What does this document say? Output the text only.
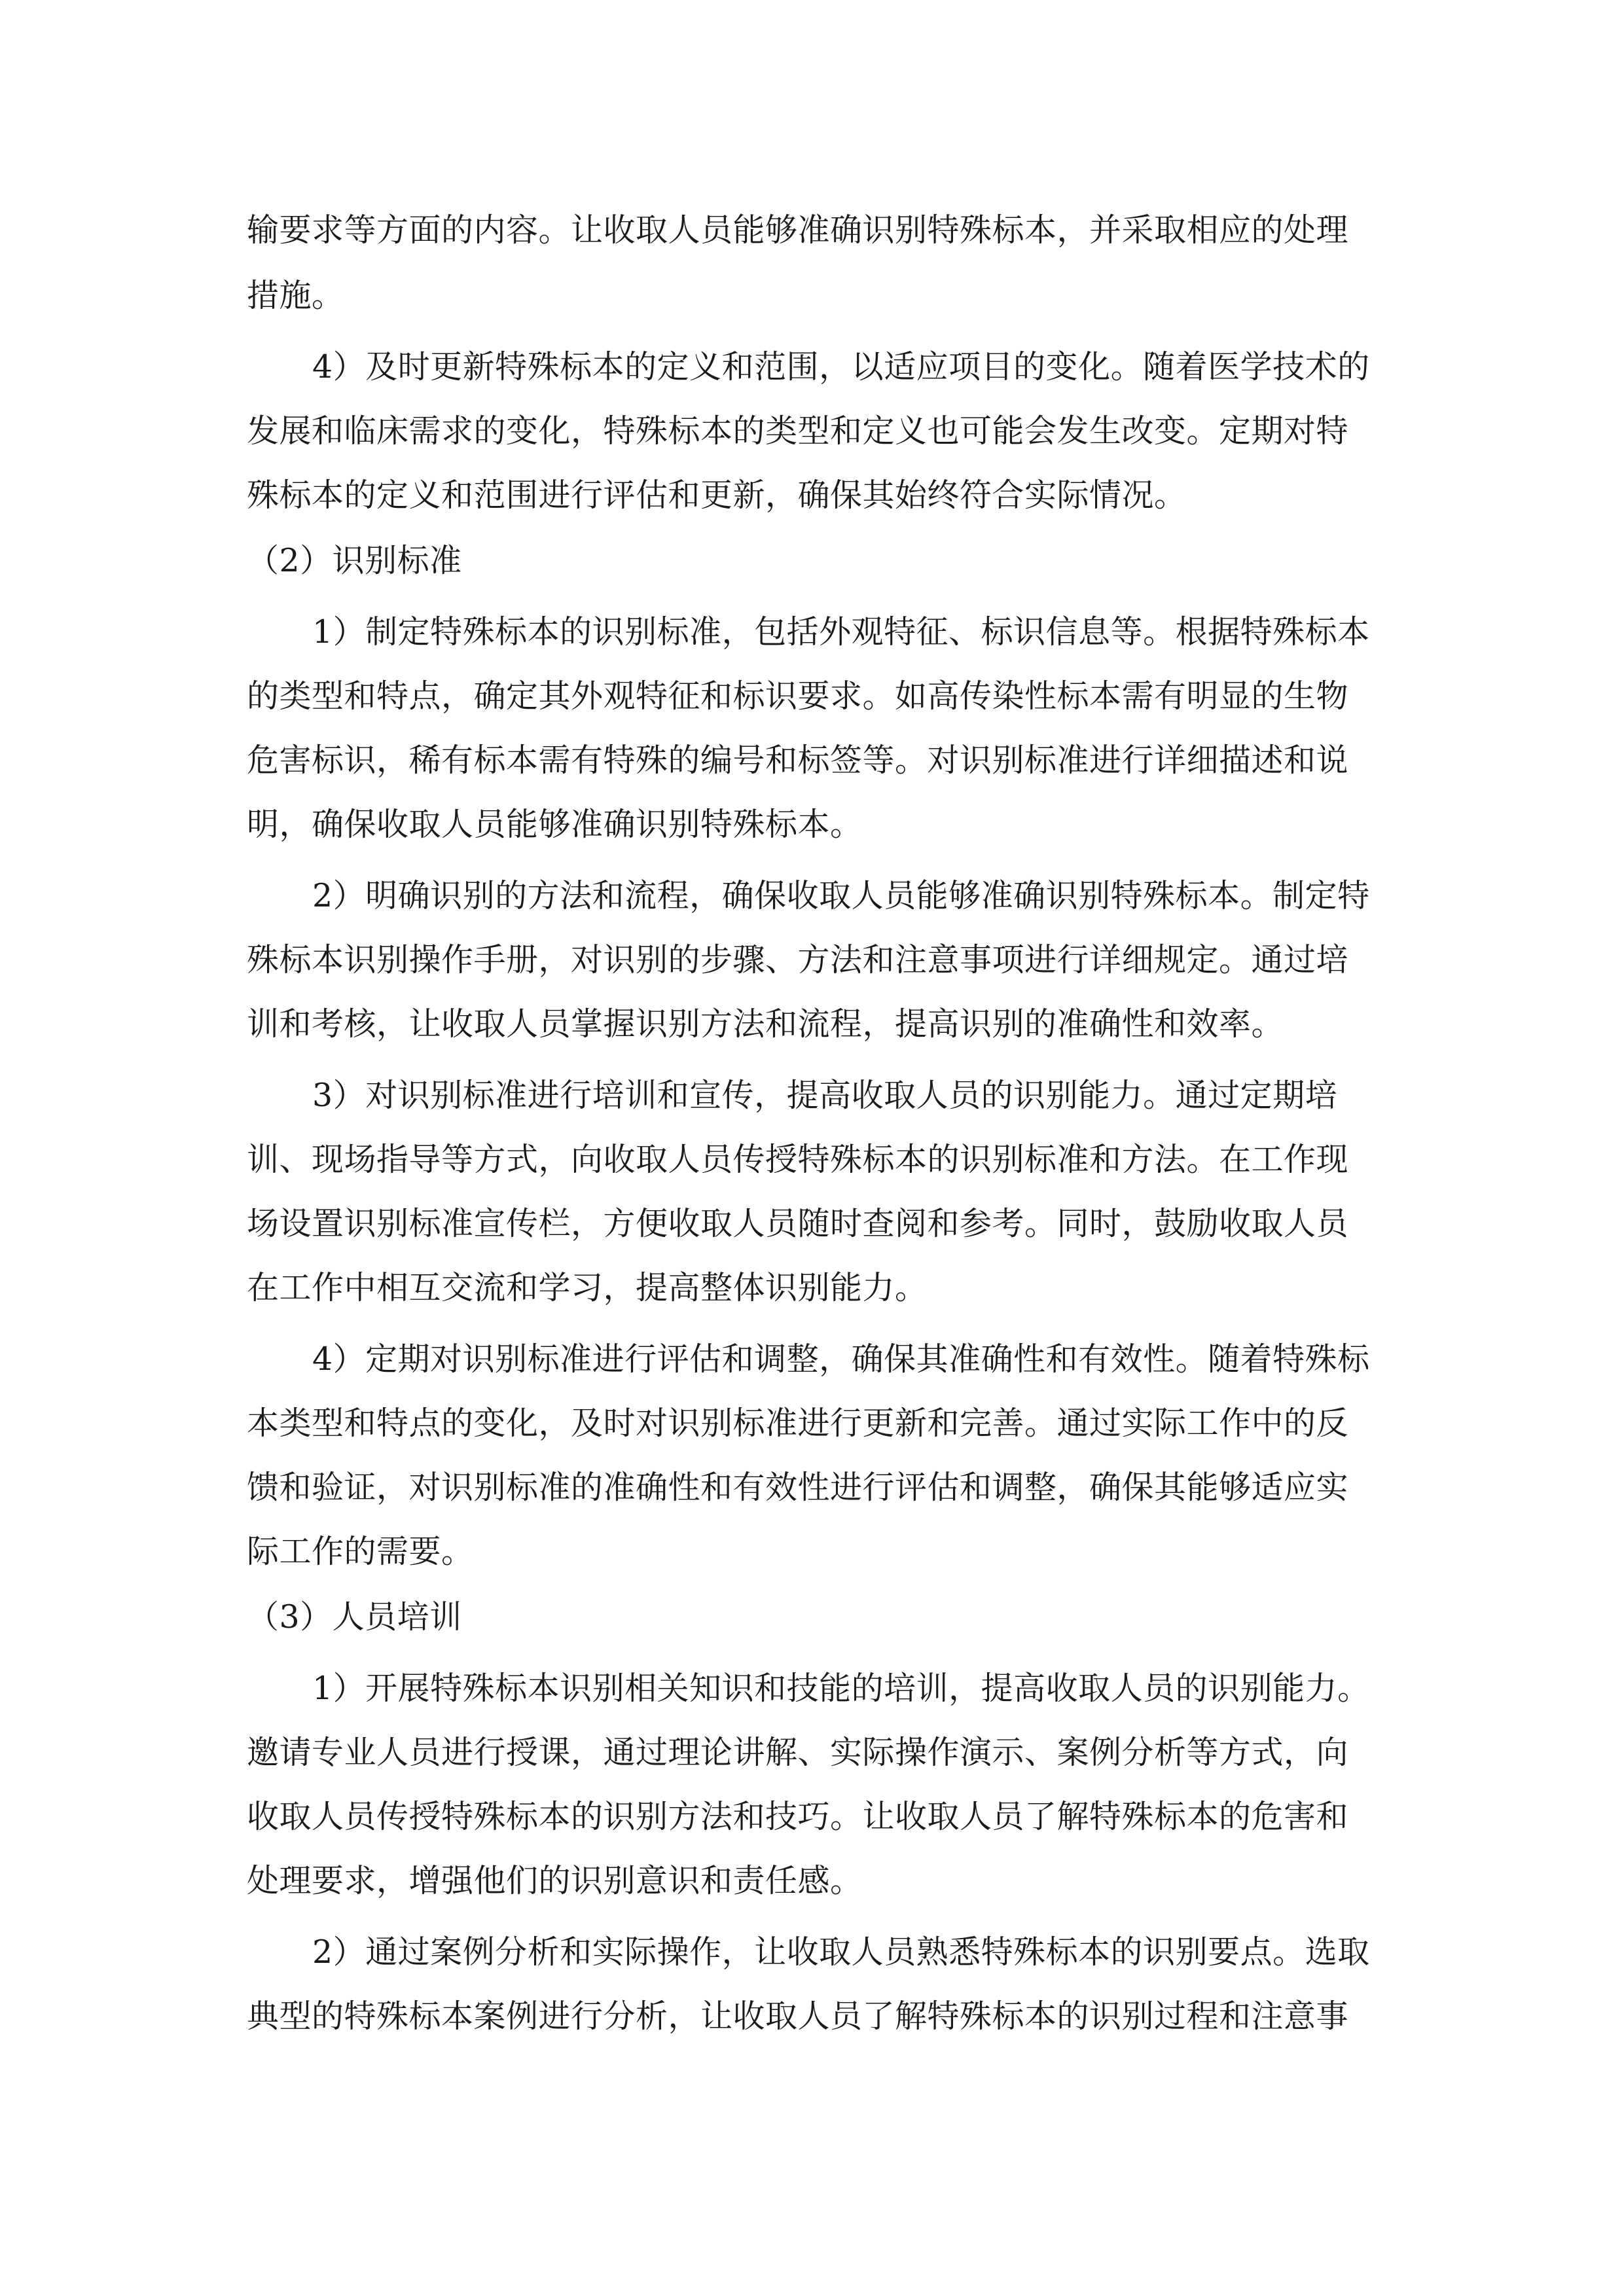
输要求等方面的内容。让收取人员能够准确识别特殊标本，并采取相应的处理
措施。
4）及时更新特殊标本的定义和范围，以适应项目的变化。随着医学技术的
发展和临床需求的变化，特殊标本的类型和定义也可能会发生改变。定期对特
殊标本的定义和范围进行评估和更新，确保其始终符合实际情况。
（2）识别标准
1）制定特殊标本的识别标准，包括外观特征、标识信息等。根据特殊标本
的类型和特点，确定其外观特征和标识要求。如高传染性标本需有明显的生物
危害标识，稀有标本需有特殊的编号和标签等。对识别标准进行详细描述和说
明，确保收取人员能够准确识别特殊标本。
2）明确识别的方法和流程，确保收取人员能够准确识别特殊标本。制定特
殊标本识别操作手册，对识别的步骤、方法和注意事项进行详细规定。通过培
训和考核，让收取人员掌握识别方法和流程，提高识别的准确性和效率。
3）对识别标准进行培训和宣传，提高收取人员的识别能力。通过定期培
训、现场指导等方式，向收取人员传授特殊标本的识别标准和方法。在工作现
场设置识别标准宣传栏，方便收取人员随时查阅和参考。同时，鼓励收取人员
在工作中相互交流和学习，提高整体识别能力。
4）定期对识别标准进行评估和调整，确保其准确性和有效性。随着特殊标
本类型和特点的变化，及时对识别标准进行更新和完善。通过实际工作中的反
馈和验证，对识别标准的准确性和有效性进行评估和调整，确保其能够适应实
际工作的需要。
（3）人员培训
1）开展特殊标本识别相关知识和技能的培训，提高收取人员的识别能力。
邀请专业人员进行授课，通过理论讲解、实际操作演示、案例分析等方式，向
收取人员传授特殊标本的识别方法和技巧。让收取人员了解特殊标本的危害和
处理要求，增强他们的识别意识和责任感。
2）通过案例分析和实际操作，让收取人员熟悉特殊标本的识别要点。选取
典型的特殊标本案例进行分析，让收取人员了解特殊标本的识别过程和注意事
